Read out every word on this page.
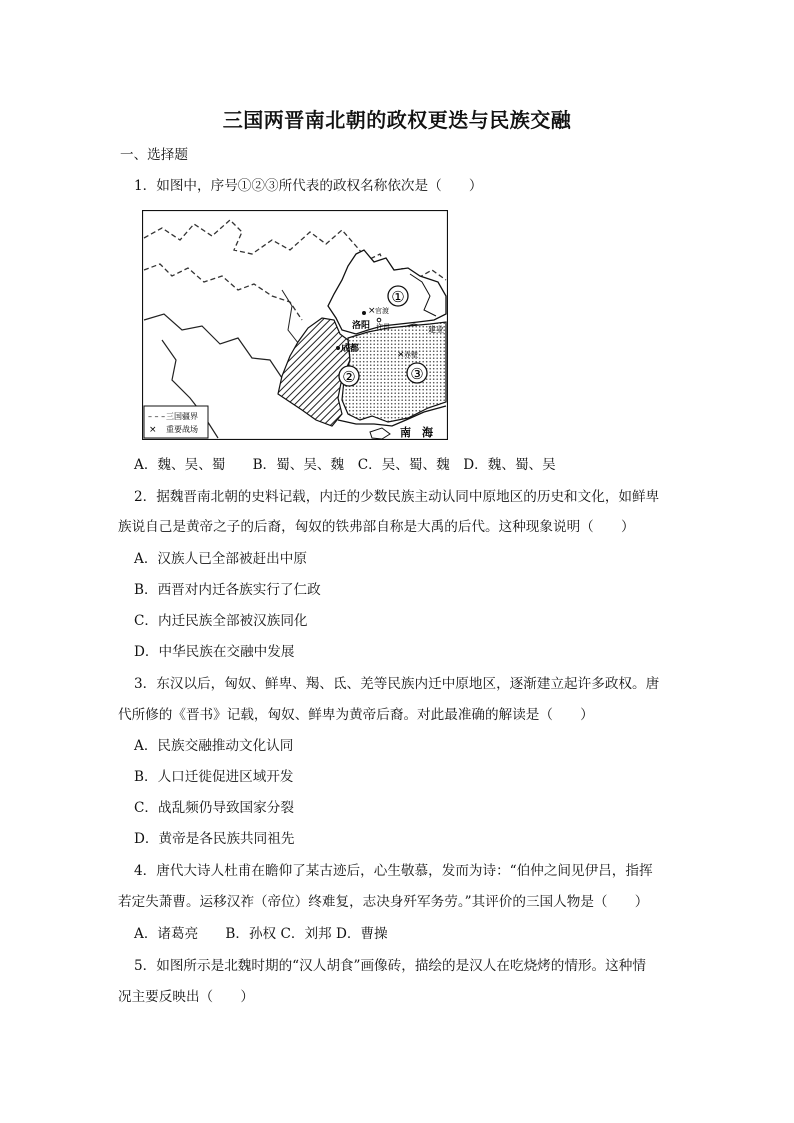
三国两晋南北朝的政权更迭与民族交融
一、选择题
1．如图中，序号①②③所代表的政权名称依次是（　　）
– – – 三国疆界
× 重要战场
①
②	③
洛阳
× 官渡
许昌
成都
建业
× 赤壁
南　海
A．魏、吴、蜀　　B．蜀、吴、魏　C．吴、蜀、魏　D．魏、蜀、吴
2．据魏晋南北朝的史料记载，内迁的少数民族主动认同中原地区的历史和文化，如鲜卑
族说自己是黄帝之子的后裔，匈奴的铁弗部自称是大禹的后代。这种现象说明（　　）
A．汉族人已全部被赶出中原
B．西晋对内迁各族实行了仁政
C．内迁民族全部被汉族同化
D．中华民族在交融中发展
3．东汉以后，匈奴、鲜卑、羯、氐、羌等民族内迁中原地区，逐渐建立起许多政权。唐
代所修的《晋书》记载，匈奴、鲜卑为黄帝后裔。对此最准确的解读是（　　）
A．民族交融推动文化认同
B．人口迁徙促进区域开发
C．战乱频仍导致国家分裂
D．黄帝是各民族共同祖先
4．唐代大诗人杜甫在瞻仰了某古迹后，心生敬慕，发而为诗：“伯仲之间见伊吕，指挥
若定失萧曹。运移汉祚（帝位）终难复，志决身歼军务劳。”其评价的三国人物是（　　）
A．诸葛亮　　B．孙权 C．刘邦 D．曹操
5．如图所示是北魏时期的“汉人胡食”画像砖，描绘的是汉人在吃烧烤的情形。这种情
况主要反映出（　　）
